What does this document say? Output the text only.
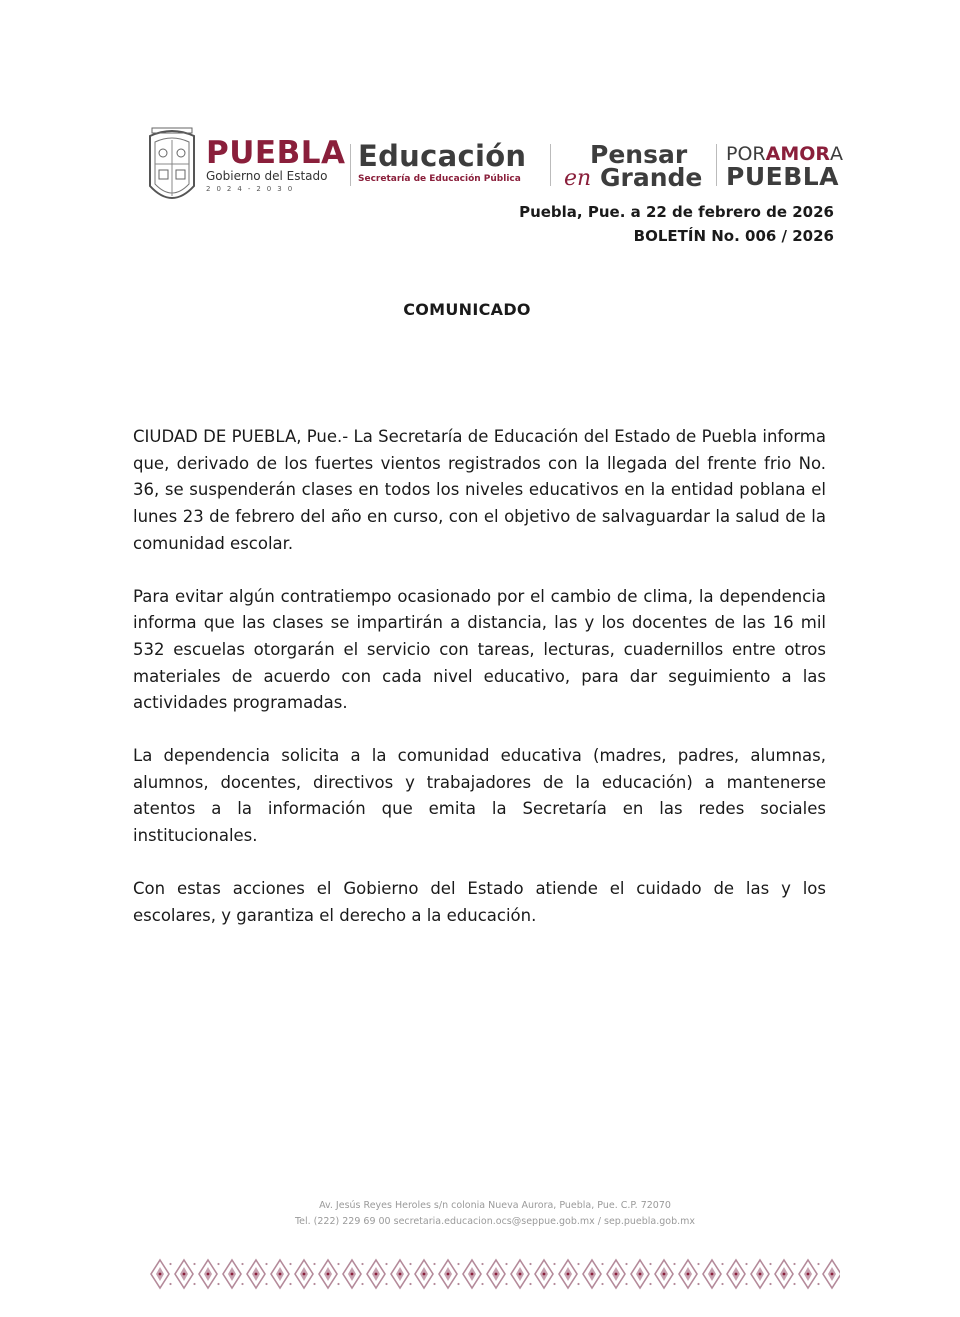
PUEBLA
Gobierno del Estado
2024-2030
Educación
Secretaría de Educación Pública
Pensar
en Grande
PORAMORA
PUEBLA
Puebla, Pue. a 22 de febrero de 2026
BOLETÍN No. 006 / 2026
COMUNICADO

CIUDAD DE PUEBLA, Pue.- La Secretaría de Educación del Estado de Puebla informa que, derivado de los fuertes vientos registrados con la llegada del frente frio No. 36, se suspenderán clases en todos los niveles educativos en la entidad poblana el lunes 23 de febrero del año en curso, con el objetivo de salvaguardar la salud de la comunidad escolar.

Para evitar algún contratiempo ocasionado por el cambio de clima, la dependencia informa que las clases se impartirán a distancia, las y los docentes de las 16 mil 532 escuelas otorgarán el servicio con tareas, lecturas, cuadernillos entre otros materiales de acuerdo con cada nivel educativo, para dar seguimiento a las actividades programadas.

La dependencia solicita a la comunidad educativa (madres, padres, alumnas, alumnos, docentes, directivos y trabajadores de la educación) a mantenerse atentos a la información que emita la Secretaría en las redes sociales institucionales.

Con estas acciones el Gobierno del Estado atiende el cuidado de las y los escolares, y garantiza el derecho a la educación.

Av. Jesús Reyes Heroles s/n colonia Nueva Aurora, Puebla, Pue. C.P. 72070
Tel. (222) 229 69 00 secretaria.educacion.ocs@seppue.gob.mx / sep.puebla.gob.mx
